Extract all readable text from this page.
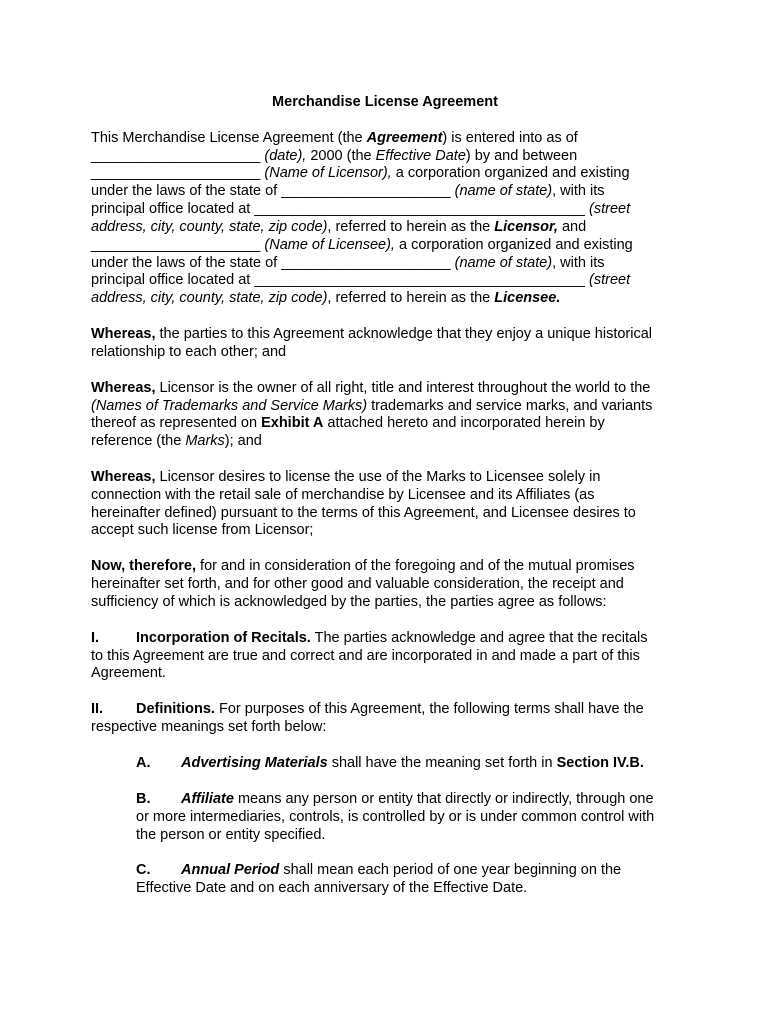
Merchandise License Agreement

This Merchandise License Agreement (the Agreement) is entered into as of

_____________________ (date), 2000 (the Effective Date) by and between

_____________________ (Name of Licensor), a corporation organized and existing

under the laws of the state of _____________________ (name of state), with its

principal office located at _________________________________________ (street

address, city, county, state, zip code), referred to herein as the Licensor, and

_____________________ (Name of Licensee), a corporation organized and existing

under the laws of the state of _____________________ (name of state), with its

principal office located at _________________________________________ (street

address, city, county, state, zip code), referred to herein as the Licensee.

Whereas, the parties to this Agreement acknowledge that they enjoy a unique historical

relationship to each other; and

Whereas, Licensor is the owner of all right, title and interest throughout the world to the

(Names of Trademarks and Service Marks) trademarks and service marks, and variants

thereof as represented on Exhibit A attached hereto and incorporated herein by

reference (the Marks); and

Whereas, Licensor desires to license the use of the Marks to Licensee solely in

connection with the retail sale of merchandise by Licensee and its Affiliates (as

hereinafter defined) pursuant to the terms of this Agreement, and Licensee desires to

accept such license from Licensor;

Now, therefore, for and in consideration of the foregoing and of the mutual promises

hereinafter set forth, and for other good and valuable consideration, the receipt and

sufficiency of which is acknowledged by the parties, the parties agree as follows:

I.	Incorporation of Recitals. The parties acknowledge and agree that the recitals

to this Agreement are true and correct and are incorporated in and made a part of this

Agreement.

II. Definitions. For purposes of this Agreement, the following terms shall have the

respective meanings set forth below:

A. Advertising Materials shall have the meaning set forth in Section IV.B.

B. Affiliate means any person or entity that directly or indirectly, through one

or more intermediaries, controls, is controlled by or is under common control with

the person or entity specified.

C. Annual Period shall mean each period of one year beginning on the

Effective Date and on each anniversary of the Effective Date.
